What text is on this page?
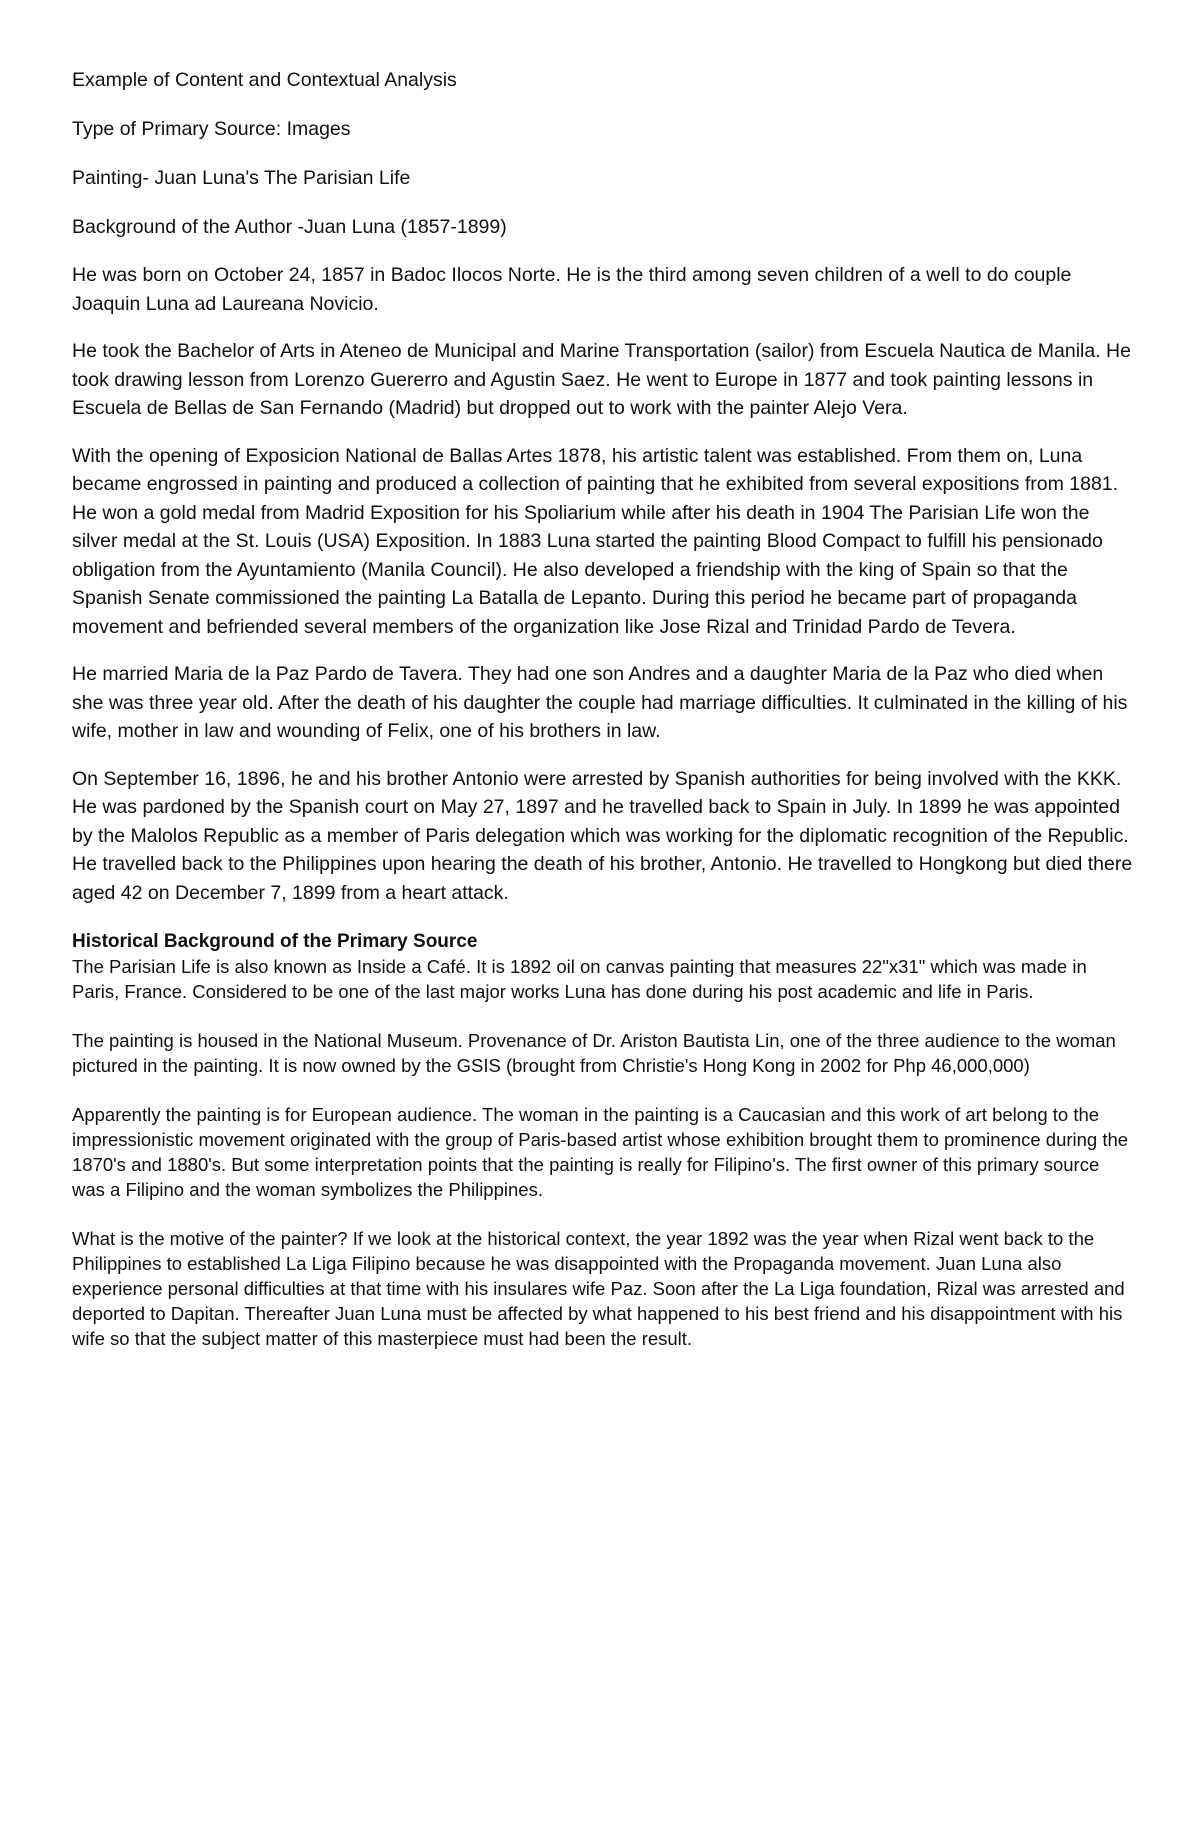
Example of Content and Contextual Analysis

Type of Primary Source: Images

Painting- Juan Luna's The Parisian Life

Background of the Author -Juan Luna (1857-1899)

He was born on October 24, 1857 in Badoc Ilocos Norte. He is the third among seven children of a well to do couple Joaquin Luna ad Laureana Novicio.

He took the Bachelor of Arts in Ateneo de Municipal and Marine Transportation (sailor) from Escuela Nautica de Manila. He took drawing lesson from Lorenzo Guererro and Agustin Saez. He went to Europe in 1877 and took painting lessons in Escuela de Bellas de San Fernando (Madrid) but dropped out to work with the painter Alejo Vera.

With the opening of Exposicion National de Ballas Artes 1878, his artistic talent was established. From them on, Luna became engrossed in painting and produced a collection of painting that he exhibited from several expositions from 1881. He won a gold medal from Madrid Exposition for his Spoliarium while after his death in 1904 The Parisian Life won the silver medal at the St. Louis (USA) Exposition. In 1883 Luna started the painting Blood Compact to fulfill his pensionado obligation from the Ayuntamiento (Manila Council). He also developed a friendship with the king of Spain so that the Spanish Senate commissioned the painting La Batalla de Lepanto. During this period he became part of propaganda movement and befriended several members of the organization like Jose Rizal and Trinidad Pardo de Tevera.

He married Maria de la Paz Pardo de Tavera. They had one son Andres and a daughter Maria de la Paz who died when she was three year old. After the death of his daughter the couple had marriage difficulties. It culminated in the killing of his wife, mother in law and wounding of Felix, one of his brothers in law.

On September 16, 1896, he and his brother Antonio were arrested by Spanish authorities for being involved with the KKK. He was pardoned by the Spanish court on May 27, 1897 and he travelled back to Spain in July. In 1899 he was appointed by the Malolos Republic as a member of Paris delegation which was working for the diplomatic recognition of the Republic. He travelled back to the Philippines upon hearing the death of his brother, Antonio. He travelled to Hongkong but died there aged 42 on December 7, 1899 from a heart attack.

Historical Background of the Primary Source

The Parisian Life is also known as Inside a Café. It is 1892 oil on canvas painting that measures 22"x31" which was made in Paris, France. Considered to be one of the last major works Luna has done during his post academic and life in Paris.

The painting is housed in the National Museum. Provenance of Dr. Ariston Bautista Lin, one of the three audience to the woman pictured in the painting. It is now owned by the GSIS (brought from Christie's Hong Kong in 2002 for Php 46,000,000)

Apparently the painting is for European audience. The woman in the painting is a Caucasian and this work of art belong to the impressionistic movement originated with the group of Paris-based artist whose exhibition brought them to prominence during the 1870's and 1880's. But some interpretation points that the painting is really for Filipino's. The first owner of this primary source was a Filipino and the woman symbolizes the Philippines.

What is the motive of the painter? If we look at the historical context, the year 1892 was the year when Rizal went back to the Philippines to established La Liga Filipino because he was disappointed with the Propaganda movement. Juan Luna also experience personal difficulties at that time with his insulares wife Paz. Soon after the La Liga foundation, Rizal was arrested and deported to Dapitan. Thereafter Juan Luna must be affected by what happened to his best friend and his disappointment with his wife so that the subject matter of this masterpiece must had been the result.
